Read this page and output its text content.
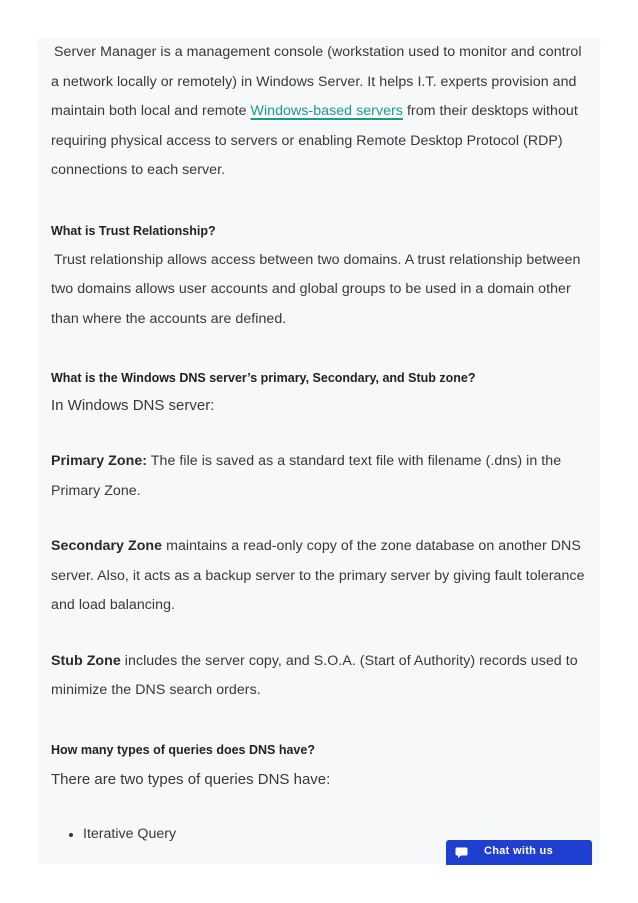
Server Manager is a management console (workstation used to monitor and control a network locally or remotely) in Windows Server. It helps I.T. experts provision and maintain both local and remote Windows-based servers from their desktops without requiring physical access to servers or enabling Remote Desktop Protocol (RDP) connections to each server.

What is Trust Relationship?

Trust relationship allows access between two domains. A trust relationship between two domains allows user accounts and global groups to be used in a domain other than where the accounts are defined.

What is the Windows DNS server’s primary, Secondary, and Stub zone?

In Windows DNS server:

Primary Zone: The file is saved as a standard text file with filename (.dns) in the Primary Zone.

Secondary Zone maintains a read-only copy of the zone database on another DNS server. Also, it acts as a backup server to the primary server by giving fault tolerance and load balancing.

Stub Zone includes the server copy, and S.O.A. (Start of Authority) records used to minimize the DNS search orders.

How many types of queries does DNS have?

There are two types of queries DNS have:

• Iterative Query
Chat with us
